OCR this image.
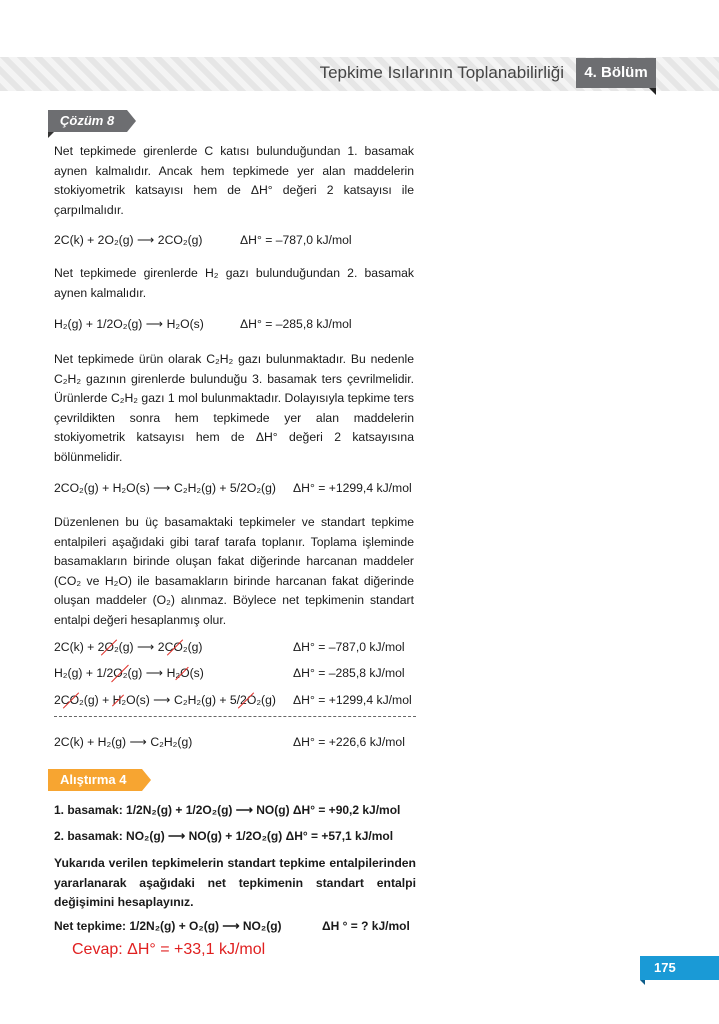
Tepkime Isılarının Toplanabilirliği	4. Bölüm
Çözüm 8
Net tepkimede girenlerde C katısı bulunduğundan 1. basamak aynen kalmalıdır. Ancak hem tepkimede yer alan maddelerin stokiyometrik katsayısı hem de ΔH° değeri 2 katsayısı ile çarpılmalıdır.
2C(k) + 2O₂(g) ⟶ 2CO₂(g)	ΔH° = –787,0 kJ/mol
Net tepkimede girenlerde H₂ gazı bulunduğundan 2. basamak aynen kalmalıdır.
H₂(g) + 1/2O₂(g) ⟶ H₂O(s)	ΔH° = –285,8 kJ/mol
Net tepkimede ürün olarak C₂H₂ gazı bulunmaktadır. Bu nedenle C₂H₂ gazının girenlerde bulunduğu 3. basamak ters çevrilmelidir. Ürünlerde C₂H₂ gazı 1 mol bulunmaktadır. Dolayısıyla tepkime ters çevrildikten sonra hem tepkimede yer alan maddelerin stokiyometrik katsayısı hem de ΔH° değeri 2 katsayısına bölünmelidir.
2CO₂(g) + H₂O(s) ⟶ C₂H₂(g) + 5/2O₂(g) ΔH° = +1299,4 kJ/mol
Düzenlenen bu üç basamaktaki tepkimeler ve standart tepkime entalpileri aşağıdaki gibi taraf tarafa toplanır. Toplama işleminde basamakların birinde oluşan fakat diğerinde harcanan maddeler (CO₂ ve H₂O) ile basamakların birinde harcanan fakat diğerinde oluşan maddeler (O₂) alınmaz. Böylece net tepkimenin standart entalpi değeri hesaplanmış olur.
2C(k) + 2O₂(g) ⟶ 2CO₂(g)	ΔH° = –787,0 kJ/mol
H₂(g) + 1/2O₂(g) ⟶ H₂O(s)	ΔH° = –285,8 kJ/mol
2CO₂(g) + H₂O(s) ⟶ C₂H₂(g) + 5/2O₂(g) ΔH° = +1299,4 kJ/mol
2C(k) + H₂(g) ⟶ C₂H₂(g)	ΔH° = +226,6 kJ/mol
Alıştırma 4
1. basamak: 1/2N₂(g) + 1/2O₂(g) ⟶ NO(g) ΔH° = +90,2 kJ/mol
2. basamak: NO₂(g) ⟶ NO(g) + 1/2O₂(g) ΔH° = +57,1 kJ/mol
Yukarıda verilen tepkimelerin standart tepkime entalpilerinden yararlanarak aşağıdaki net tepkimenin standart entalpi değişimini hesaplayınız.
Net tepkime: 1/2N₂(g) + O₂(g) ⟶ NO₂(g)	ΔH ° = ? kJ/mol
Cevap: ΔH° = +33,1 kJ/mol
175
